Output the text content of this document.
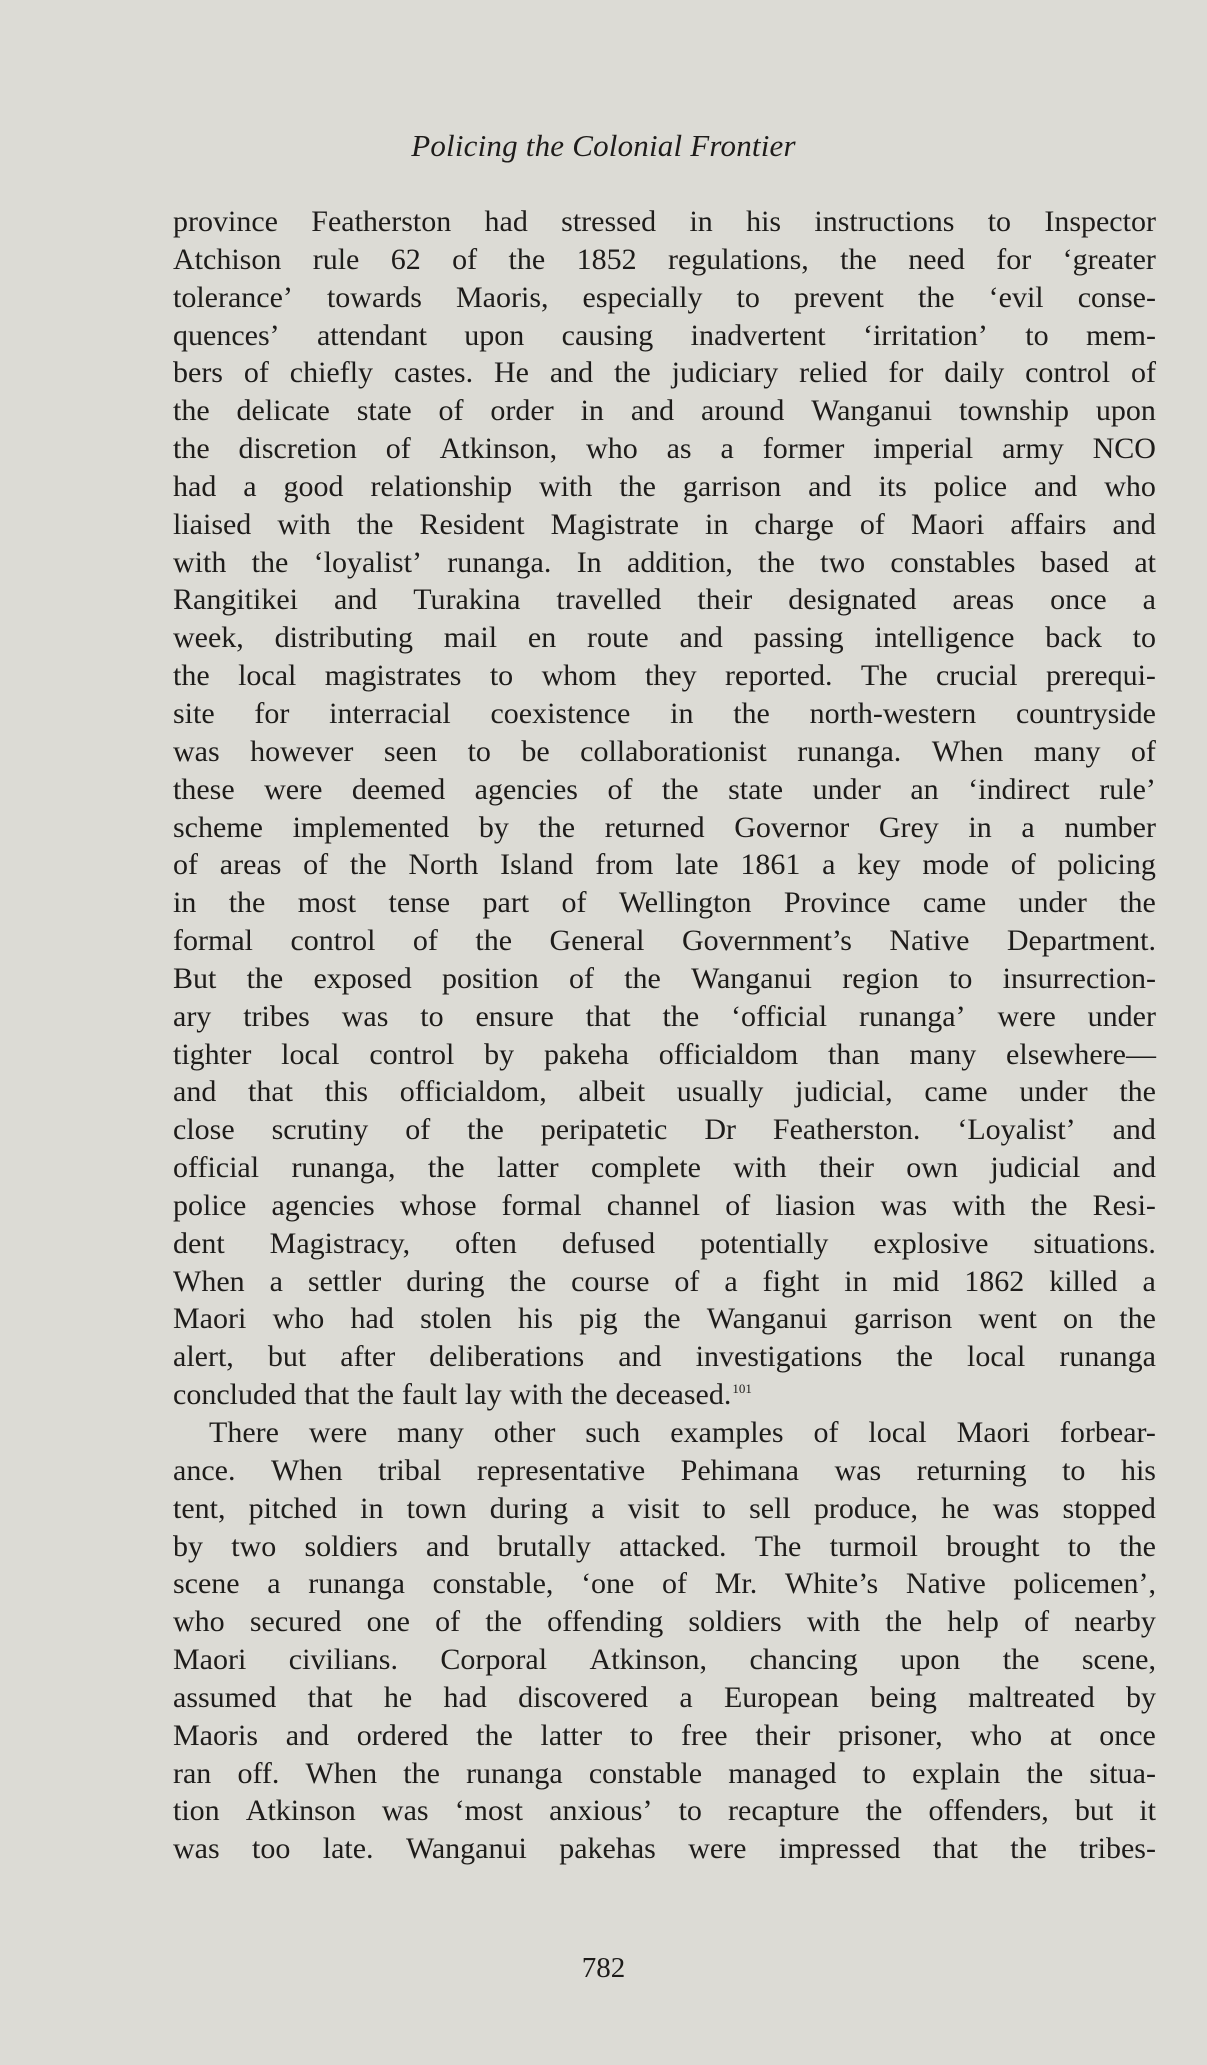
Policing the Colonial Frontier
province Featherston had stressed in his instructions to Inspector
Atchison rule 62 of the 1852 regulations, the need for ‘greater
tolerance’ towards Maoris, especially to prevent the ‘evil conse-
quences’ attendant upon causing inadvertent ‘irritation’ to mem-
bers of chiefly castes. He and the judiciary relied for daily control of
the delicate state of order in and around Wanganui township upon
the discretion of Atkinson, who as a former imperial army NCO
had a good relationship with the garrison and its police and who
liaised with the Resident Magistrate in charge of Maori affairs and
with the ‘loyalist’ runanga. In addition, the two constables based at
Rangitikei and Turakina travelled their designated areas once a
week, distributing mail en route and passing intelligence back to
the local magistrates to whom they reported. The crucial prerequi-
site for interracial coexistence in the north-western countryside
was however seen to be collaborationist runanga. When many of
these were deemed agencies of the state under an ‘indirect rule’
scheme implemented by the returned Governor Grey in a number
of areas of the North Island from late 1861 a key mode of policing
in the most tense part of Wellington Province came under the
formal control of the General Government’s Native Department.
But the exposed position of the Wanganui region to insurrection-
ary tribes was to ensure that the ‘official runanga’ were under
tighter local control by pakeha officialdom than many elsewhere—
and that this officialdom, albeit usually judicial, came under the
close scrutiny of the peripatetic Dr Featherston. ‘Loyalist’ and
official runanga, the latter complete with their own judicial and
police agencies whose formal channel of liasion was with the Resi-
dent Magistracy, often defused potentially explosive situations.
When a settler during the course of a fight in mid 1862 killed a
Maori who had stolen his pig the Wanganui garrison went on the
alert, but after deliberations and investigations the local runanga
concluded that the fault lay with the deceased.$^{101}$
There were many other such examples of local Maori forbear-
ance. When tribal representative Pehimana was returning to his
tent, pitched in town during a visit to sell produce, he was stopped
by two soldiers and brutally attacked. The turmoil brought to the
scene a runanga constable, ‘one of Mr. White’s Native policemen’,
who secured one of the offending soldiers with the help of nearby
Maori civilians. Corporal Atkinson, chancing upon the scene,
assumed that he had discovered a European being maltreated by
Maoris and ordered the latter to free their prisoner, who at once
ran off. When the runanga constable managed to explain the situa-
tion Atkinson was ‘most anxious’ to recapture the offenders, but it
was too late. Wanganui pakehas were impressed that the tribes-
782
